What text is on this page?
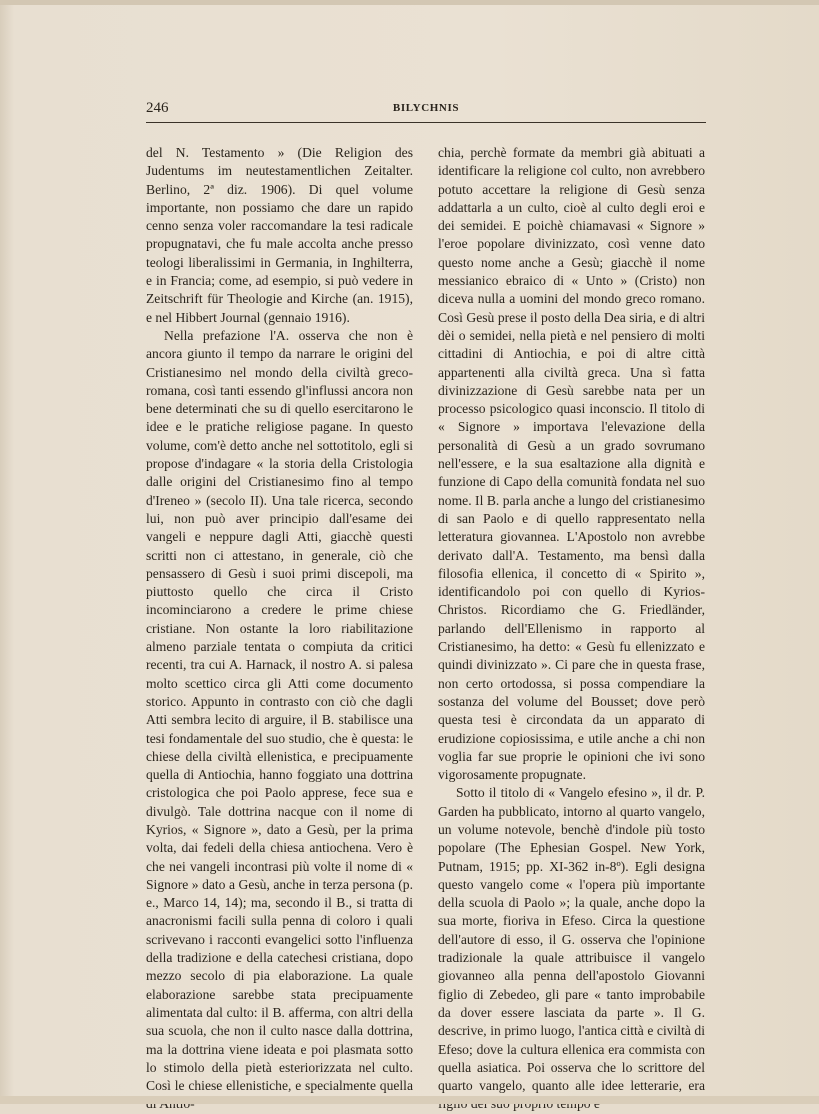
246	BILYCHNIS

del N. Testamento » (Die Religion des Judentums im neutestamentlichen Zeitalter. Berlino, 2ª diz. 1906). Di quel volume importante, non possiamo che dare un rapido cenno senza voler raccomandare la tesi radicale propugnatavi, che fu male accolta anche presso teologi liberalissimi in Germania, in Inghilterra, e in Francia; come, ad esempio, si può vedere in Zeitschrift für Theologie and Kirche (an. 1915), e nel Hibbert Journal (gennaio 1916).

Nella prefazione l'A. osserva che non è ancora giunto il tempo da narrare le origini del Cristianesimo nel mondo della civiltà greco-romana, così tanti essendo gl'influssi ancora non bene determinati che su di quello esercitarono le idee e le pratiche religiose pagane. In questo volume, com'è detto anche nel sottotitolo, egli si propose d'indagare « la storia della Cristologia dalle origini del Cristianesimo fino al tempo d'Ireneo » (secolo II). Una tale ricerca, secondo lui, non può aver principio dall'esame dei vangeli e neppure dagli Atti, giacchè questi scritti non ci attestano, in generale, ciò che pensassero di Gesù i suoi primi discepoli, ma piuttosto quello che circa il Cristo incominciarono a credere le prime chiese cristiane. Non ostante la loro riabilitazione almeno parziale tentata o compiuta da critici recenti, tra cui A. Harnack, il nostro A. si palesa molto scettico circa gli Atti come documento storico. Appunto in contrasto con ciò che dagli Atti sembra lecito di arguire, il B. stabilisce una tesi fondamentale del suo studio, che è questa: le chiese della civiltà ellenistica, e precipuamente quella di Antiochia, hanno foggiato una dottrina cristologica che poi Paolo apprese, fece sua e divulgò. Tale dottrina nacque con il nome di Kyrios, « Signore », dato a Gesù, per la prima volta, dai fedeli della chiesa antiochena. Vero è che nei vangeli incontrasi più volte il nome di « Signore » dato a Gesù, anche in terza persona (p. e., Marco 14, 14); ma, secondo il B., si tratta di anacronismi facili sulla penna di coloro i quali scrivevano i racconti evangelici sotto l'influenza della tradizione e della catechesi cristiana, dopo mezzo secolo di pia elaborazione. La quale elaborazione sarebbe stata precipuamente alimentata dal culto: il B. afferma, con altri della sua scuola, che non il culto nasce dalla dottrina, ma la dottrina viene ideata e poi plasmata sotto lo stimolo della pietà esteriorizzata nel culto. Così le chiese ellenistiche, e specialmente quella

chia, perchè formate da membri già abituati a identificare la religione col culto, non avrebbero potuto accettare la religione di Gesù senza addattarla a un culto, cioè al culto degli eroi e dei semidei. E poichè chiamavasi « Signore » l'eroe popolare divinizzato, così venne dato questo nome anche a Gesù; giacchè il nome messianico ebraico di « Unto » (Cristo) non diceva nulla a uomini del mondo greco romano. Così Gesù prese il posto della Dea siria, e di altri dèi o semidei, nella pietà e nel pensiero di molti cittadini di Antiochia, e poi di altre città appartenenti alla civiltà greca. Una sì fatta divinizzazione di Gesù sarebbe nata per un processo psicologico quasi inconscio. Il titolo di « Signore » importava l'elevazione della personalità di Gesù a un grado sovrumano nell'essere, e la sua esaltazione alla dignità e funzione di Capo della comunità fondata nel suo nome. Il B. parla anche a lungo del cristianesimo di san Paolo e di quello rappresentato nella letteratura giovannea. L'Apostolo non avrebbe derivato dall'A. Testamento, ma bensì dalla filosofia ellenica, il concetto di « Spirito », identificandolo poi con quello di Kyrios-Christos. Ricordiamo che G. Friedländer, parlando dell'Ellenismo in rapporto al Cristianesimo, ha detto: « Gesù fu ellenizzato e quindi divinizzato ». Ci pare che in questa frase, non certo ortodossa, si possa compendiare la sostanza del volume del Bousset; dove però questa tesi è circondata da un apparato di erudizione copiosissima, e utile anche a chi non voglia far sue proprie le opinioni che ivi sono vigorosamente propugnate.

Sotto il titolo di « Vangelo efesino », il dr. P. Garden ha pubblicato, intorno al quarto vangelo, un volume notevole, benchè d'indole più tosto popolare (The Ephesian Gospel. New York, Putnam, 1915; pp. XI-362 in-8º). Egli designa questo vangelo come « l'opera più importante della scuola di Paolo »; la quale, anche dopo la sua morte, fioriva in Efeso. Circa la questione dell'autore di esso, il G. osserva che l'opinione tradizionale la quale attribuisce il vangelo giovanneo alla penna dell'apostolo Giovanni figlio di Zebedeo, gli pare « tanto improbabile da dover essere lasciata da parte ». Il G. descrive, in primo luogo, l'antica città e civiltà di Efeso; dove la cultura ellenica era commista con quella asiatica. Poi osserva che lo scrittore del quarto vangelo, quanto alle idee letterarie, era
